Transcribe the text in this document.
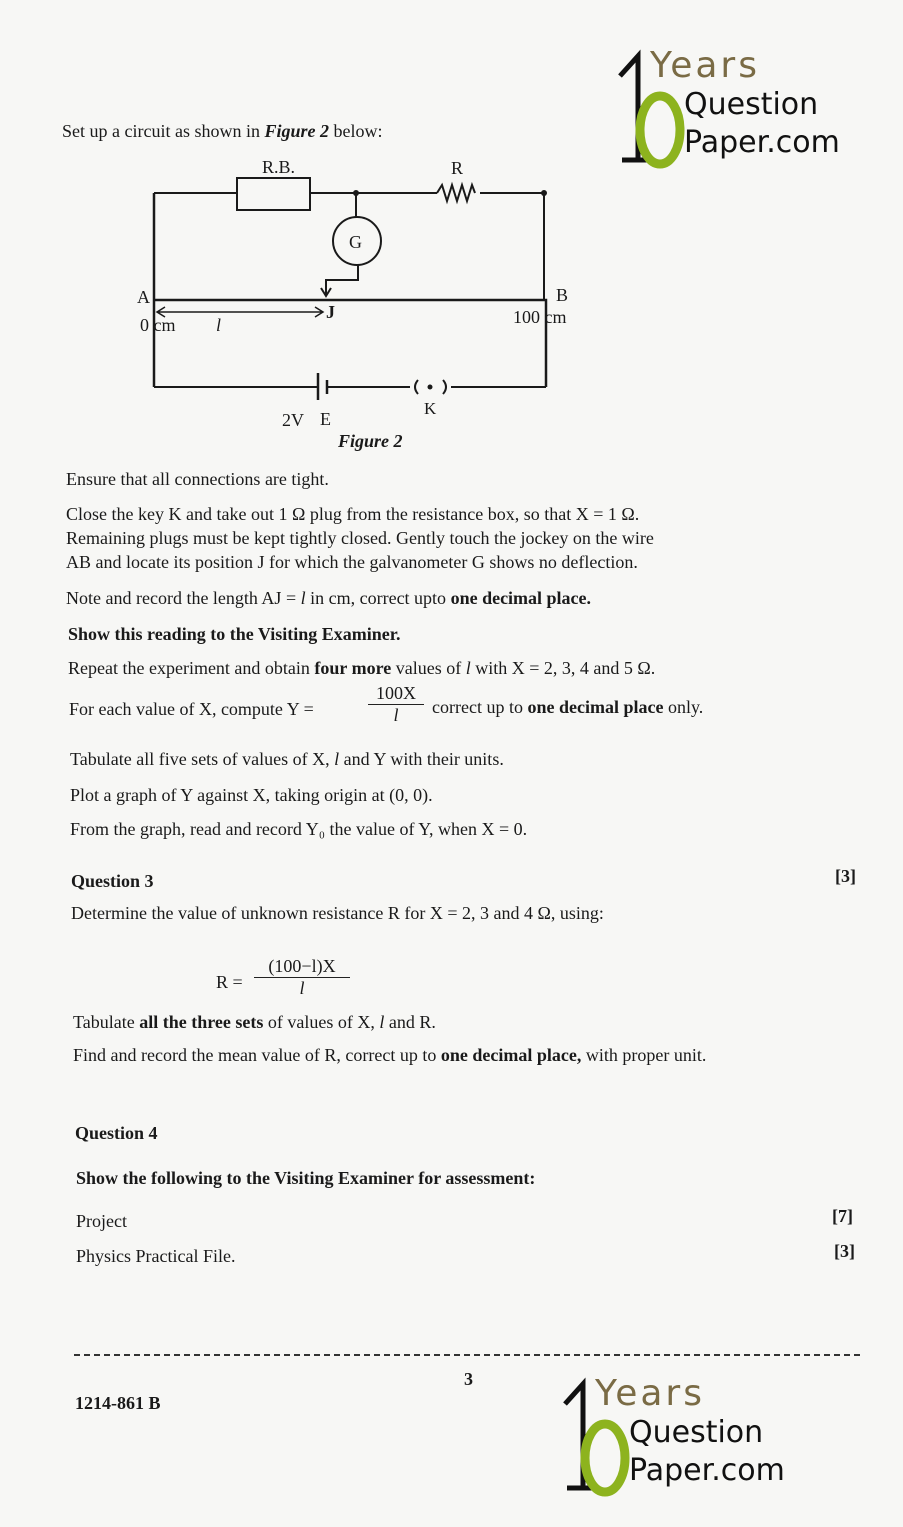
Years
Question
Paper.com
Set up a circuit as shown in Figure 2 below:
R.B.	R
G
A	B
J
0 cm	100 cm
l
2V E
K
Figure 2
Ensure that all connections are tight.
Close the key K and take out 1 Ω plug from the resistance box, so that X = 1 Ω.
Remaining plugs must be kept tightly closed. Gently touch the jockey on the wire
AB and locate its position J for which the galvanometer G shows no deflection.
Note and record the length AJ = l in cm, correct upto one decimal place.
Show this reading to the Visiting Examiner.
Repeat the experiment and obtain four more values of l with X = 2, 3, 4 and 5 Ω.
For each value of X, compute Y =	$\frac{100X}{l}$ correct up to one decimal place only.
Tabulate all five sets of values of X, l and Y with their units.
Plot a graph of Y against X, taking origin at (0, 0).
From the graph, read and record Y₀ the value of Y, when X = 0.
Question 3	[3]
Determine the value of unknown resistance R for X = 2, 3 and 4 Ω, using:
$R = \frac{(100-l)X}{l}$
Tabulate all the three sets of values of X, l and R.
Find and record the mean value of R, correct up to one decimal place, with proper unit.
Question 4
Show the following to the Visiting Examiner for assessment:
Project	[7]
Physics Practical File.	[3]
3
1214-861 B	Years
Question
Paper.com
